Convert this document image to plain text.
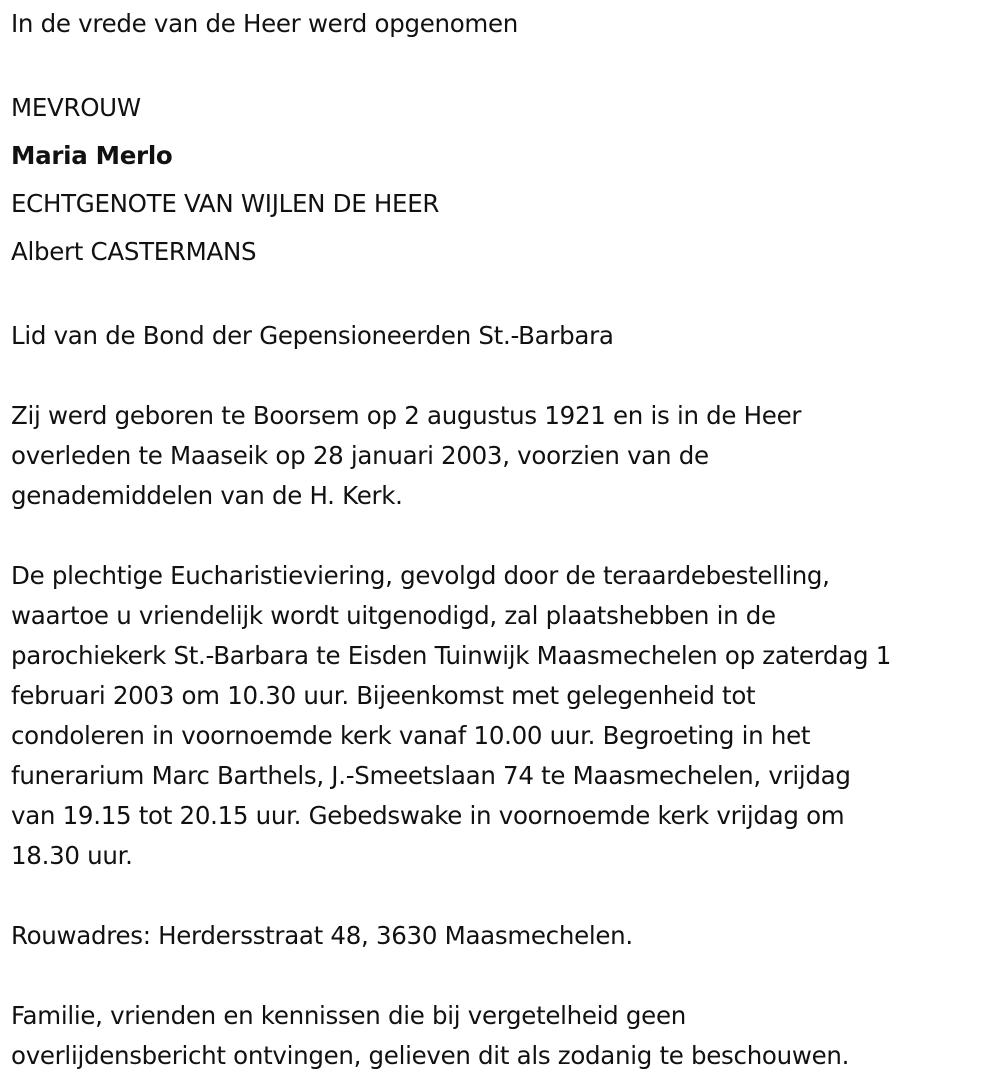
In de vrede van de Heer werd opgenomen
MEVROUW
Maria Merlo
ECHTGENOTE VAN WIJLEN DE HEER
Albert CASTERMANS
Lid van de Bond der Gepensioneerden St.-Barbara
Zij werd geboren te Boorsem op 2 augustus 1921 en is in de Heer
overleden te Maaseik op 28 januari 2003, voorzien van de
genademiddelen van de H. Kerk.
De plechtige Eucharistieviering, gevolgd door de teraardebestelling,
waartoe u vriendelijk wordt uitgenodigd, zal plaatshebben in de
parochiekerk St.-Barbara te Eisden Tuinwijk Maasmechelen op zaterdag 1
februari 2003 om 10.30 uur. Bijeenkomst met gelegenheid tot
condoleren in voornoemde kerk vanaf 10.00 uur. Begroeting in het
funerarium Marc Barthels, J.-Smeetslaan 74 te Maasmechelen, vrijdag
van 19.15 tot 20.15 uur. Gebedswake in voornoemde kerk vrijdag om
18.30 uur.
Rouwadres: Herdersstraat 48, 3630 Maasmechelen.
Familie, vrienden en kennissen die bij vergetelheid geen
overlijdensbericht ontvingen, gelieven dit als zodanig te beschouwen.
